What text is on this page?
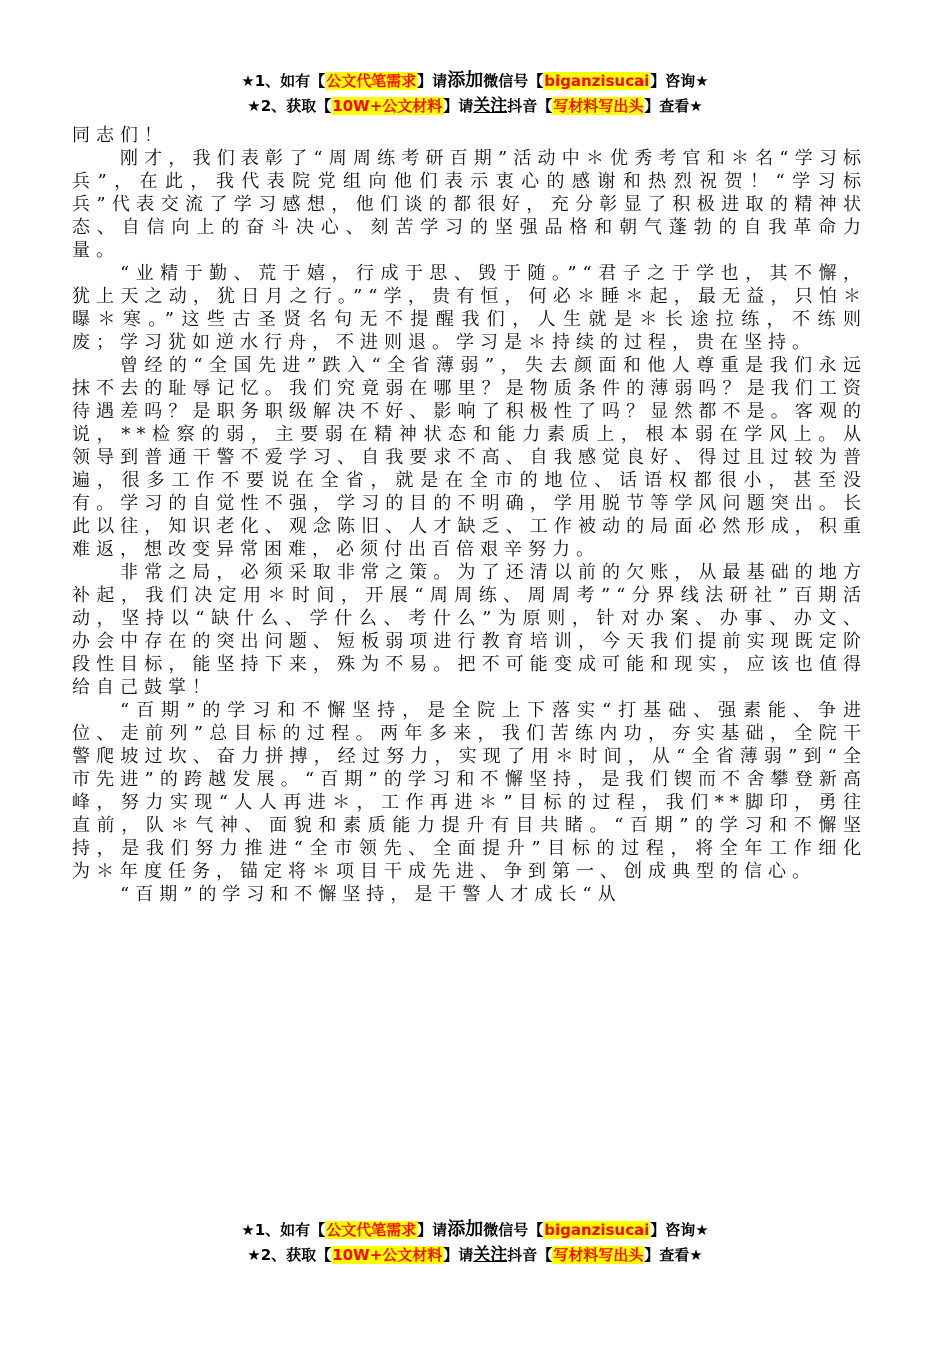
★1、如有【公文代笔需求】请添加微信号【biganzisucai】咨询★
★2、获取【10W+公文材料】请关注抖音【写材料写出头】查看★

同志们！

刚才，我们表彰了“周周练考研百期”活动中＊优秀考官和＊名“学习标兵”，在此，我代表院党组向他们表示衷心的感谢和热烈祝贺！“学习标兵”代表交流了学习感想，他们谈的都很好，充分彰显了积极进取的精神状态、自信向上的奋斗决心、刻苦学习的坚强品格和朝气蓬勃的自我革命力量。

“业精于勤、荒于嬉，行成于思、毁于随。”“君子之于学也，其不懈，犹上天之动，犹日月之行。”“学，贵有恒，何必＊睡＊起，最无益，只怕＊曝＊寒。”这些古圣贤名句无不提醒我们，人生就是＊长途拉练，不练则废；学习犹如逆水行舟，不进则退。学习是＊持续的过程，贵在坚持。

曾经的“全国先进”跌入“全省薄弱”，失去颜面和他人尊重是我们永远抹不去的耻辱记忆。我们究竟弱在哪里？是物质条件的薄弱吗？是我们工资待遇差吗？是职务职级解决不好、影响了积极性了吗？显然都不是。客观的说，**检察的弱，主要弱在精神状态和能力素质上，根本弱在学风上。从领导到普通干警不爱学习、自我要求不高、自我感觉良好、得过且过较为普遍，很多工作不要说在全省，就是在全市的地位、话语权都很小，甚至没有。学习的自觉性不强，学习的目的不明确，学用脱节等学风问题突出。长此以往，知识老化、观念陈旧、人才缺乏、工作被动的局面必然形成，积重难返，想改变异常困难，必须付出百倍艰辛努力。

非常之局，必须采取非常之策。为了还清以前的欠账，从最基础的地方补起，我们决定用＊时间，开展“周周练、周周考”“分界线法研社”百期活动，坚持以“缺什么、学什么、考什么”为原则，针对办案、办事、办文、办会中存在的突出问题、短板弱项进行教育培训，今天我们提前实现既定阶段性目标，能坚持下来，殊为不易。把不可能变成可能和现实，应该也值得给自己鼓掌！

“百期”的学习和不懈坚持，是全院上下落实“打基础、强素能、争进位、走前列”总目标的过程。两年多来，我们苦练内功，夯实基础，全院干警爬坡过坎、奋力拼搏，经过努力，实现了用＊时间，从“全省薄弱”到“全市先进”的跨越发展。“百期”的学习和不懈坚持，是我们锲而不舍攀登新高峰，努力实现“人人再进＊，工作再进＊”目标的过程，我们**脚印，勇往直前，队＊气神、面貌和素质能力提升有目共睹。“百期”的学习和不懈坚持，是我们努力推进“全市领先、全面提升”目标的过程，将全年工作细化为＊年度任务，锚定将＊项目干成先进、争到第一、创成典型的信心。

“百期”的学习和不懈坚持，是干警人才成长“从

★1、如有【公文代笔需求】请添加微信号【biganzisucai】咨询★
★2、获取【10W+公文材料】请关注抖音【写材料写出头】查看★
